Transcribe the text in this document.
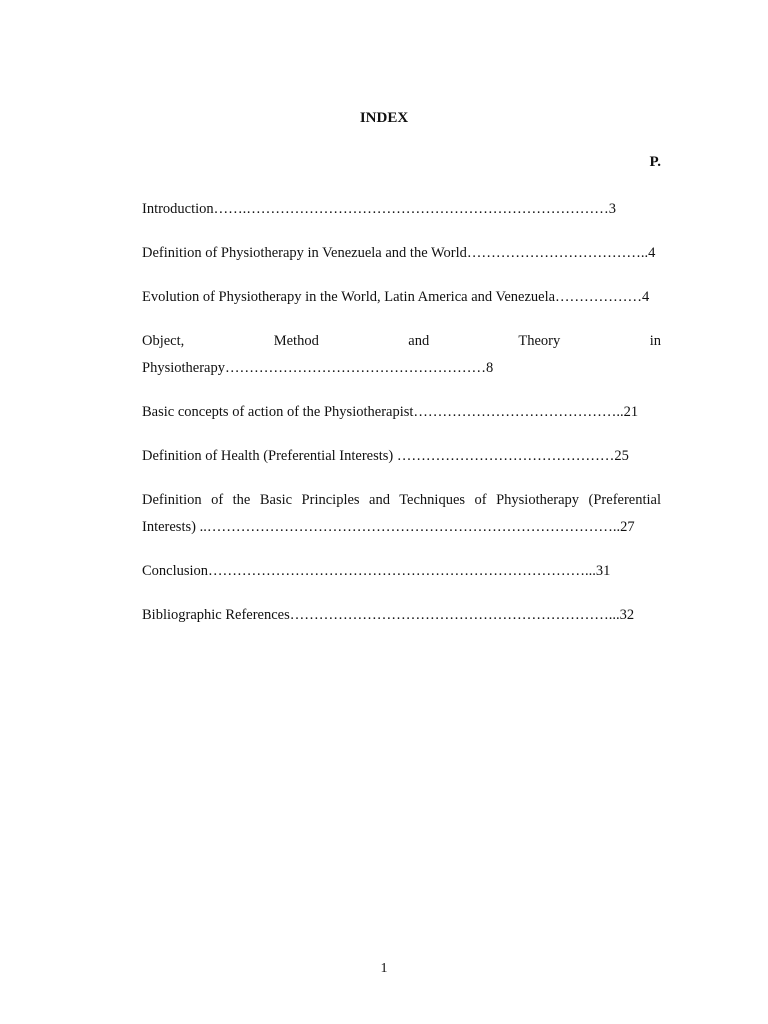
INDEX
P.
Introduction…….…………………………………………………………………3
Definition of Physiotherapy in Venezuela and the World………………………………..4
Evolution of Physiotherapy in the World, Latin America and Venezuela………………4
Object, Method and Theory in Physiotherapy………………………………………………8
Basic concepts of action of the Physiotherapist……………………………………..21
Definition of Health (Preferential Interests) ………………………………………25
Definition of the Basic Principles and Techniques of Physiotherapy (Preferential Interests) ..…………………………………………………………………………..27
Conclusion……………………………………………………………………...31
Bibliographic References…………………………………………………………...32
1
